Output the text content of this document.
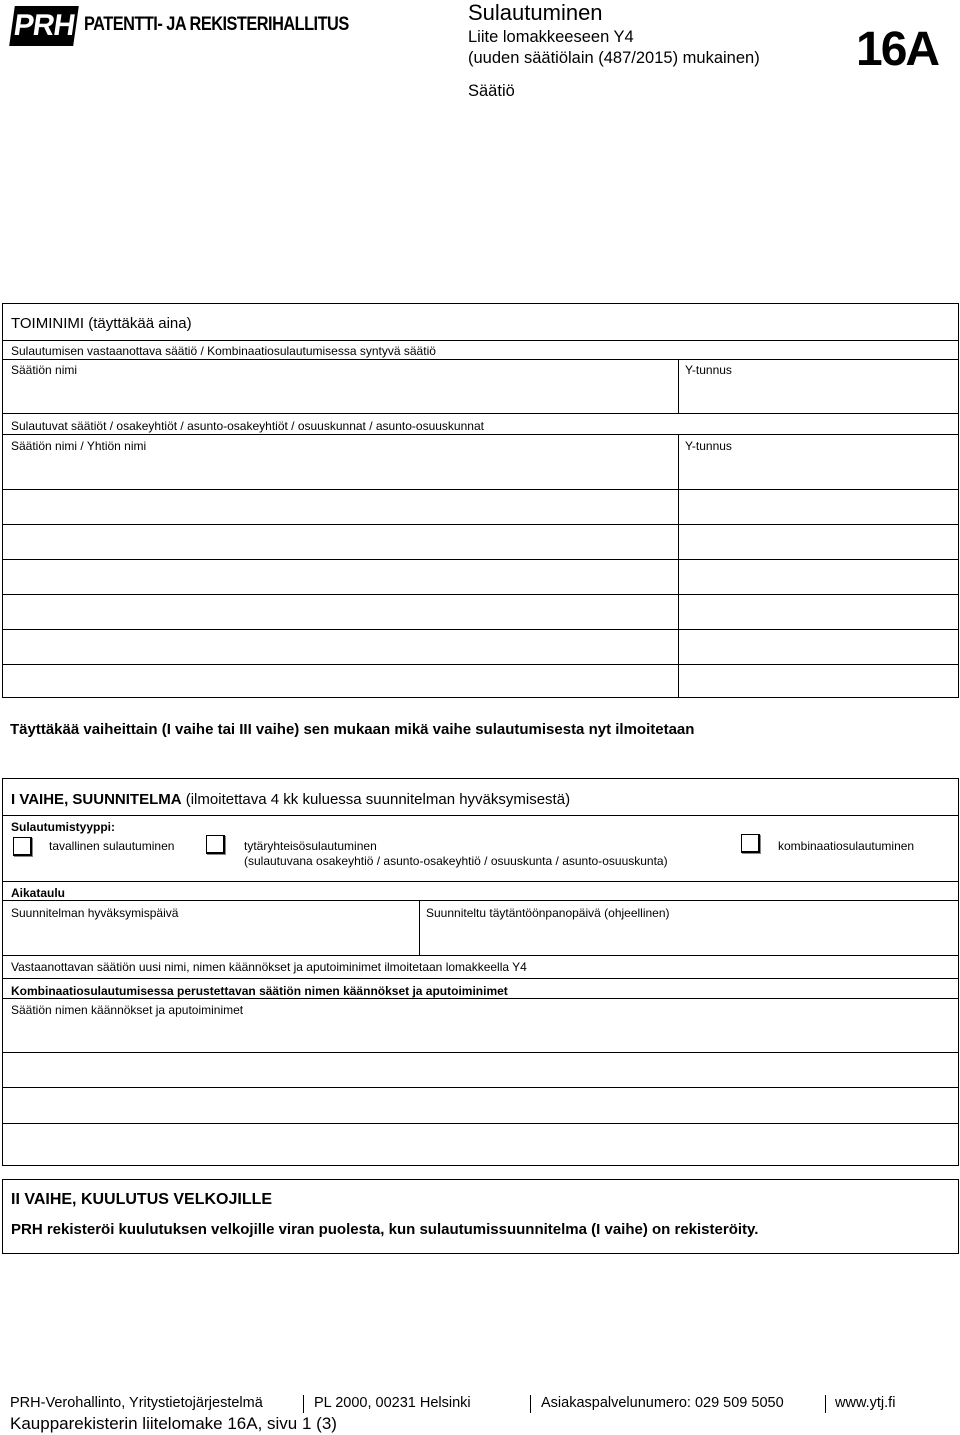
PRH PATENTTI- JA REKISTERIHALLITUS	Sulautuminen
Liite lomakkeeseen Y4
(uuden säätiölain (487/2015) mukainen)
Säätiö
16A
TOIMINIMI (täyttäkää aina)
Sulautumisen vastaanottava säätiö / Kombinaatiosulautumisessa syntyvä säätiö
Säätiön nimi	Y-tunnus
Sulautuvat säätiöt / osakeyhtiöt / asunto-osakeyhtiöt / osuuskunnat / asunto-osuuskunnat
Säätiön nimi / Yhtiön nimi	Y-tunnus
Täyttäkää vaiheittain (I vaihe tai III vaihe) sen mukaan mikä vaihe sulautumisesta nyt ilmoitetaan
I VAIHE, SUUNNITELMA (ilmoitettava 4 kk kuluessa suunnitelman hyväksymisestä)
Sulautumistyyppi:
tavallinen sulautuminen	tytäryhteisösulautuminen
(sulautuvana osakeyhtiö / asunto-osakeyhtiö / osuuskunta / asunto-osuuskunta)
kombinaatiosulautuminen
Aikataulu
Suunnitelman hyväksymispäivä	Suunniteltu täytäntöönpanopäivä (ohjeellinen)
Vastaanottavan säätiön uusi nimi, nimen käännökset ja aputoiminimet ilmoitetaan lomakkeella Y4
Kombinaatiosulautumisessa perustettavan säätiön nimen käännökset ja aputoiminimet
Säätiön nimen käännökset ja aputoiminimet
II VAIHE, KUULUTUS VELKOJILLE
PRH rekisteröi kuulutuksen velkojille viran puolesta, kun sulautumissuunnitelma (I vaihe) on rekisteröity.
PRH-Verohallinto, Yritystietojärjestelmä	PL 2000, 00231 Helsinki	Asiakaspalvelunumero: 029 509 5050	www.ytj.fi
Kaupparekisterin liitelomake 16A, sivu 1 (3)
